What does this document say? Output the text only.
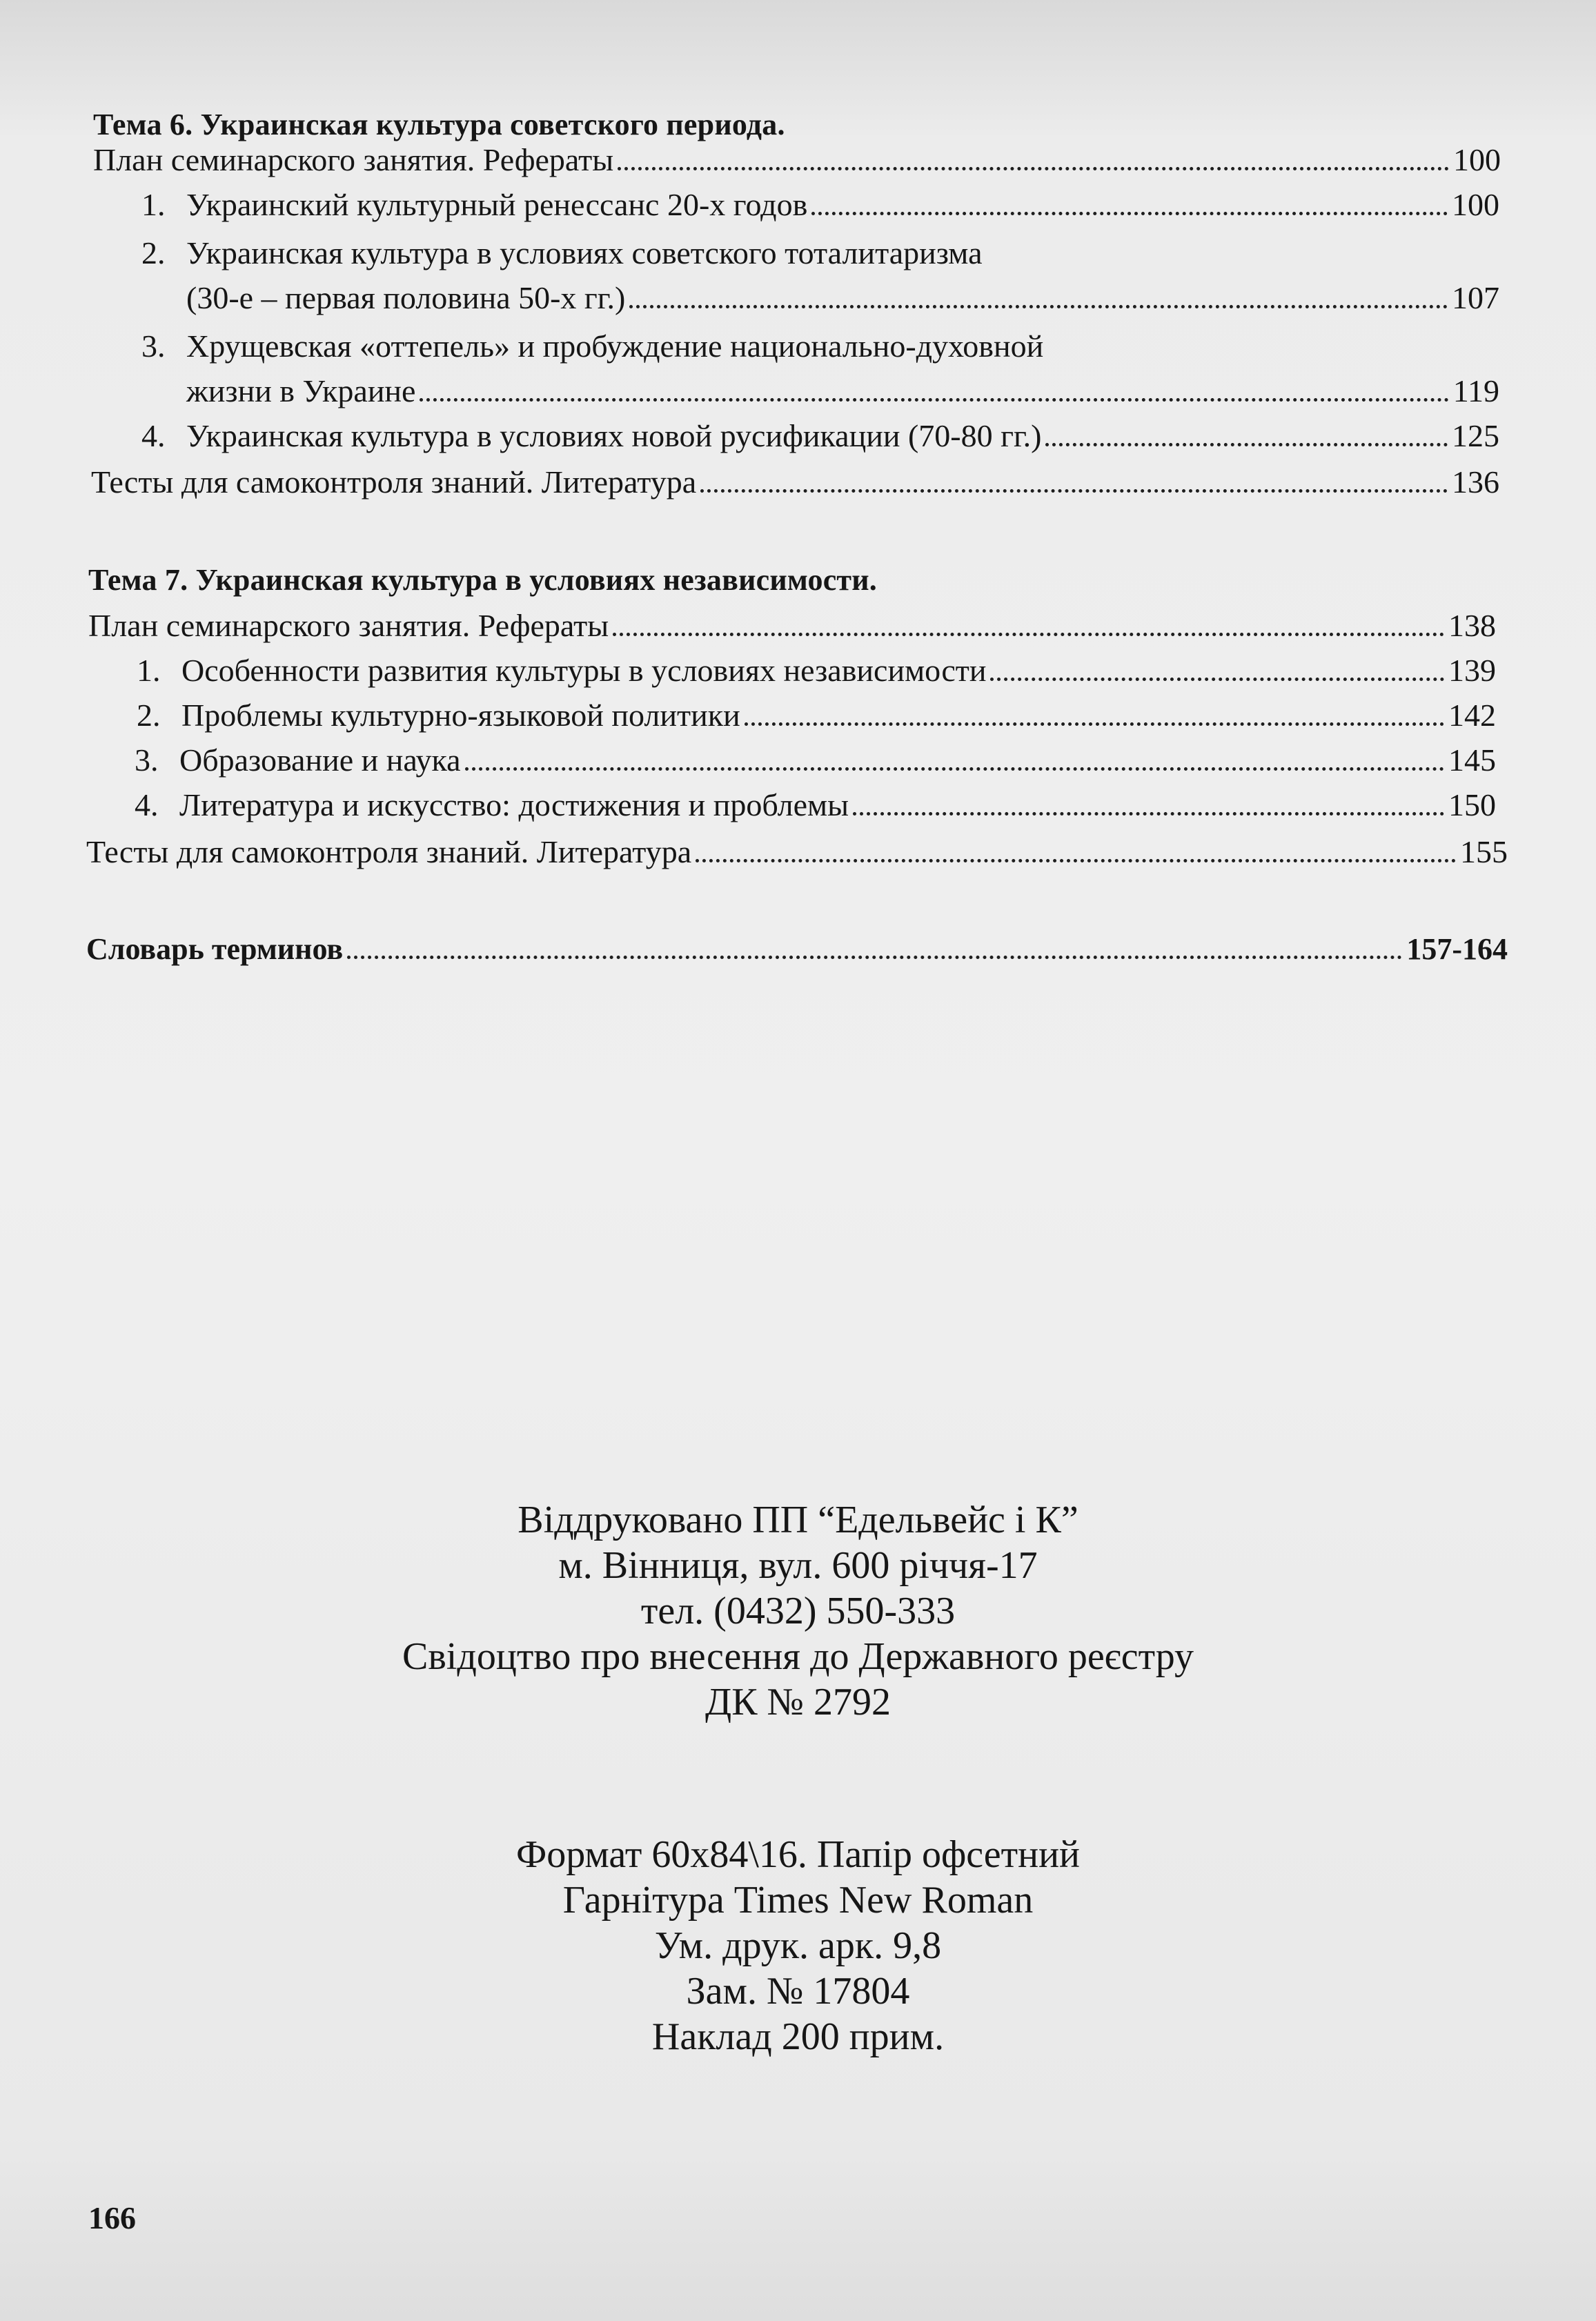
Тема 6. Украинская культура советского периода.
План семинарского занятия. Рефераты	100
1. Украинский культурный ренессанс 20-х годов	100
2. Украинская культура в условиях советского тоталитаризма
(30-е – первая половина 50-х гг.)	107
3. Хрущевская «оттепель» и пробуждение национально-духовной
жизни в Украине	119
4. Украинская культура в условиях новой русификации (70-80 гг.)	125
Тесты для самоконтроля знаний. Литература	136
Тема 7. Украинская культура в условиях независимости.
План семинарского занятия. Рефераты	138
1. Особенности развития культуры в условиях независимости	139
2. Проблемы культурно-языковой политики	142
3. Образование и наука	145
4. Литература и искусство: достижения и проблемы	150
Тесты для самоконтроля знаний. Литература	155
Словарь терминов	157-164
Віддруковано ПП “Едельвейс і К”
м. Вінниця, вул. 600 річчя-17
тел. (0432) 550-333
Свідоцтво про внесення до Державного реєстру
ДК № 2792
Формат 60х84\16. Папір офсетний
Гарнітура Times New Roman
Ум. друк. арк. 9,8
Зам. № 17804
Наклад 200 прим.
166
